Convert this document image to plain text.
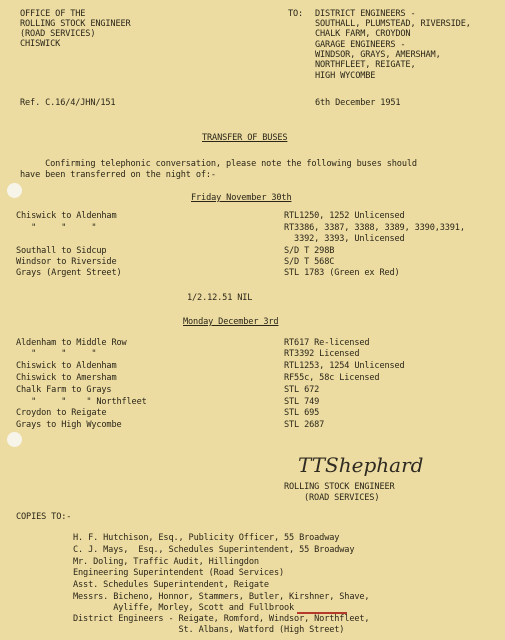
OFFICE OF THE
ROLLING STOCK ENGINEER
(ROAD SERVICES)
CHISWICK
TO: DISTRICT ENGINEERS -
SOUTHALL, PLUMSTEAD, RIVERSIDE,
CHALK FARM, CROYDON
GARAGE ENGINEERS -
WINDSOR, GRAYS, AMERSHAM,
NORTHFLEET, REIGATE,
HIGH WYCOMBE
Ref. C.16/4/JHN/151	6th December 1951
TRANSFER OF BUSES
Confirming telephonic conversation, please note the following buses should
have been transferred on the night of:-
Friday November 30th
Chiswick to Aldenham	RTL1250, 1252 Unlicensed
"     "     "	RT3386, 3387, 3388, 3389, 3390,3391,
3392, 3393, Unlicensed
Southall to Sidcup	S/D T 298B
Windsor to Riverside	S/D T 568C
Grays (Argent Street)	STL 1783 (Green ex Red)
1/2.12.51 NIL
Monday December 3rd
Aldenham to Middle Row	RT617 Re-licensed
"     "     "	RT3392 Licensed
Chiswick to Aldenham	RTL1253, 1254 Unlicensed
Chiswick to Amersham	RF55c, 58c Licensed
Chalk Farm to Grays	STL 672
"     "    " Northfleet	STL 749
Croydon to Reigate	STL 695
Grays to High Wycombe	STL 2687
TTShephard
ROLLING STOCK ENGINEER
(ROAD SERVICES)
COPIES TO:-
H. F. Hutchison, Esq., Publicity Officer, 55 Broadway
C. J. Mays,  Esq., Schedules Superintendent, 55 Broadway
Mr. Doling, Traffic Audit, Hillingdon
Engineering Superintendent (Road Services)
Asst. Schedules Superintendent, Reigate
Messrs. Bicheno, Honnor, Stammers, Butler, Kirshner, Shave,
Ayliffe, Morley, Scott and Fullbrook
District Engineers - Reigate, Romford, Windsor, Northfleet,
St. Albans, Watford (High Street)
